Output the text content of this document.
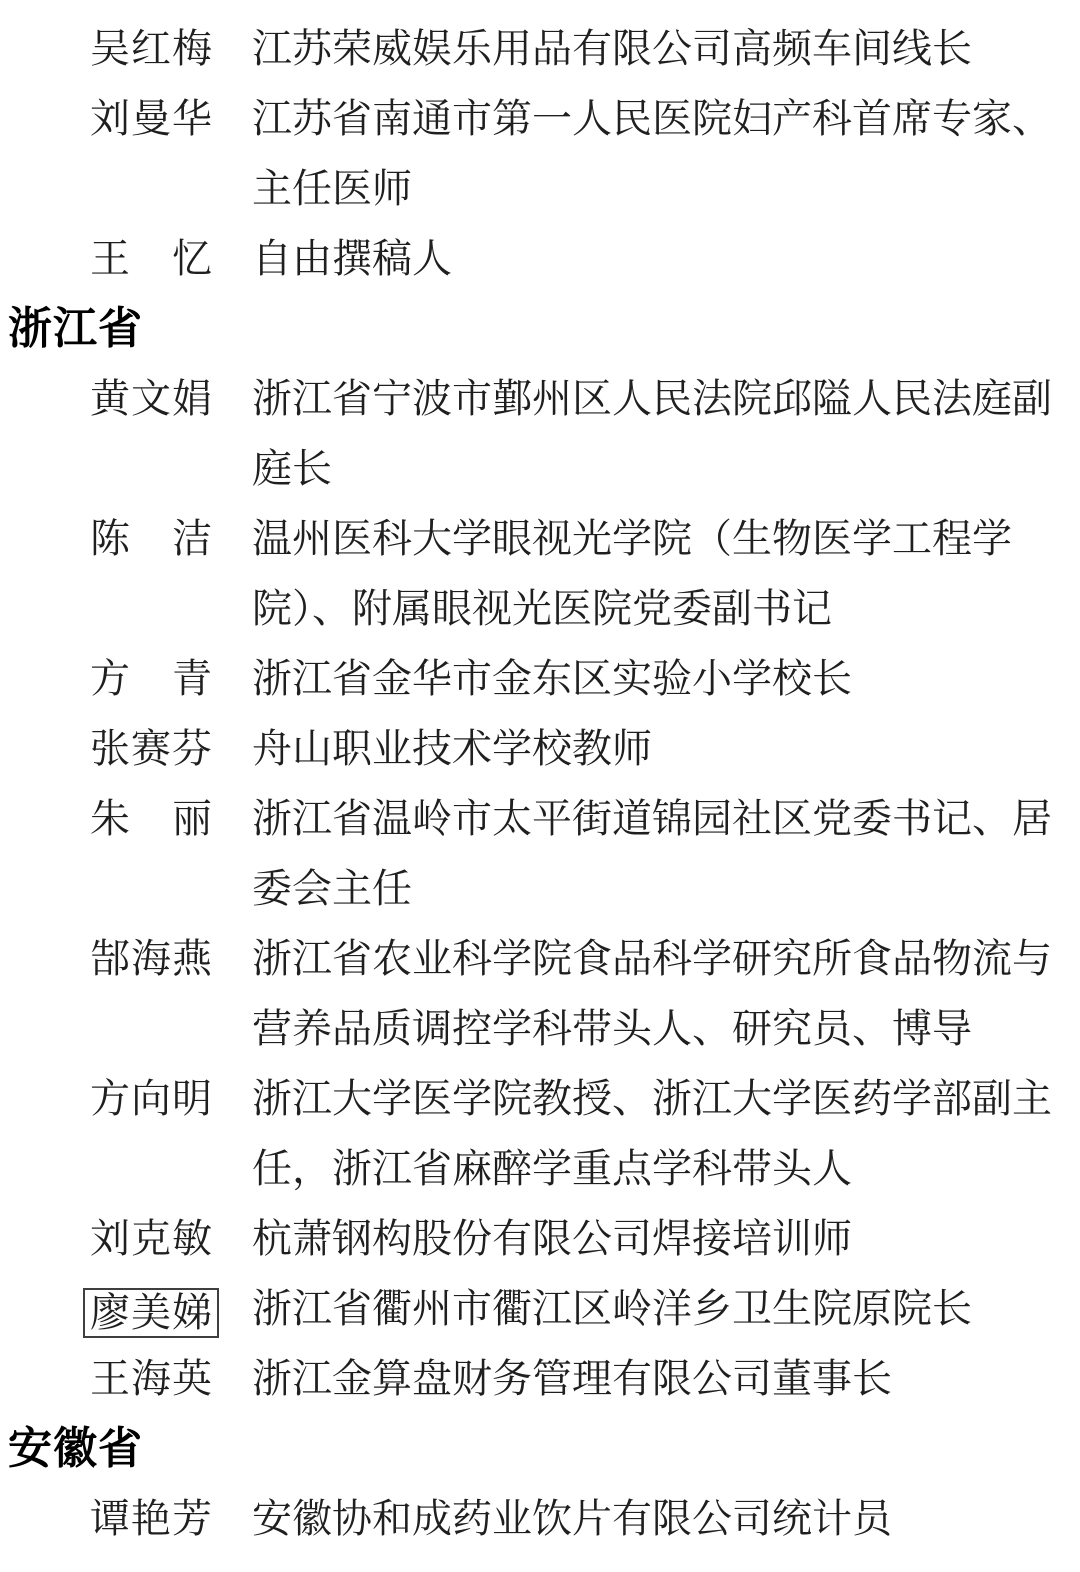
吴红梅 江苏荣威娱乐用品有限公司高频车间线长
刘曼华 江苏省南通市第一人民医院妇产科首席专家、
主任医师
王忆 自由撰稿人
浙江省
黄文娟 浙江省宁波市鄞州区人民法院邱隘人民法庭副
庭长
陈洁 温州医科大学眼视光学院（生物医学工程学
院）、附属眼视光医院党委副书记
方青 浙江省金华市金东区实验小学校长
张赛芬 舟山职业技术学校教师
朱丽 浙江省温岭市太平街道锦园社区党委书记、居
委会主任
郜海燕 浙江省农业科学院食品科学研究所食品物流与
营养品质调控学科带头人、研究员、博导
方向明 浙江大学医学院教授、浙江大学医药学部副主
任，浙江省麻醉学重点学科带头人
刘克敏 杭萧钢构股份有限公司焊接培训师
廖美娣 浙江省衢州市衢江区岭洋乡卫生院原院长
王海英 浙江金算盘财务管理有限公司董事长
安徽省
谭艳芳 安徽协和成药业饮片有限公司统计员
